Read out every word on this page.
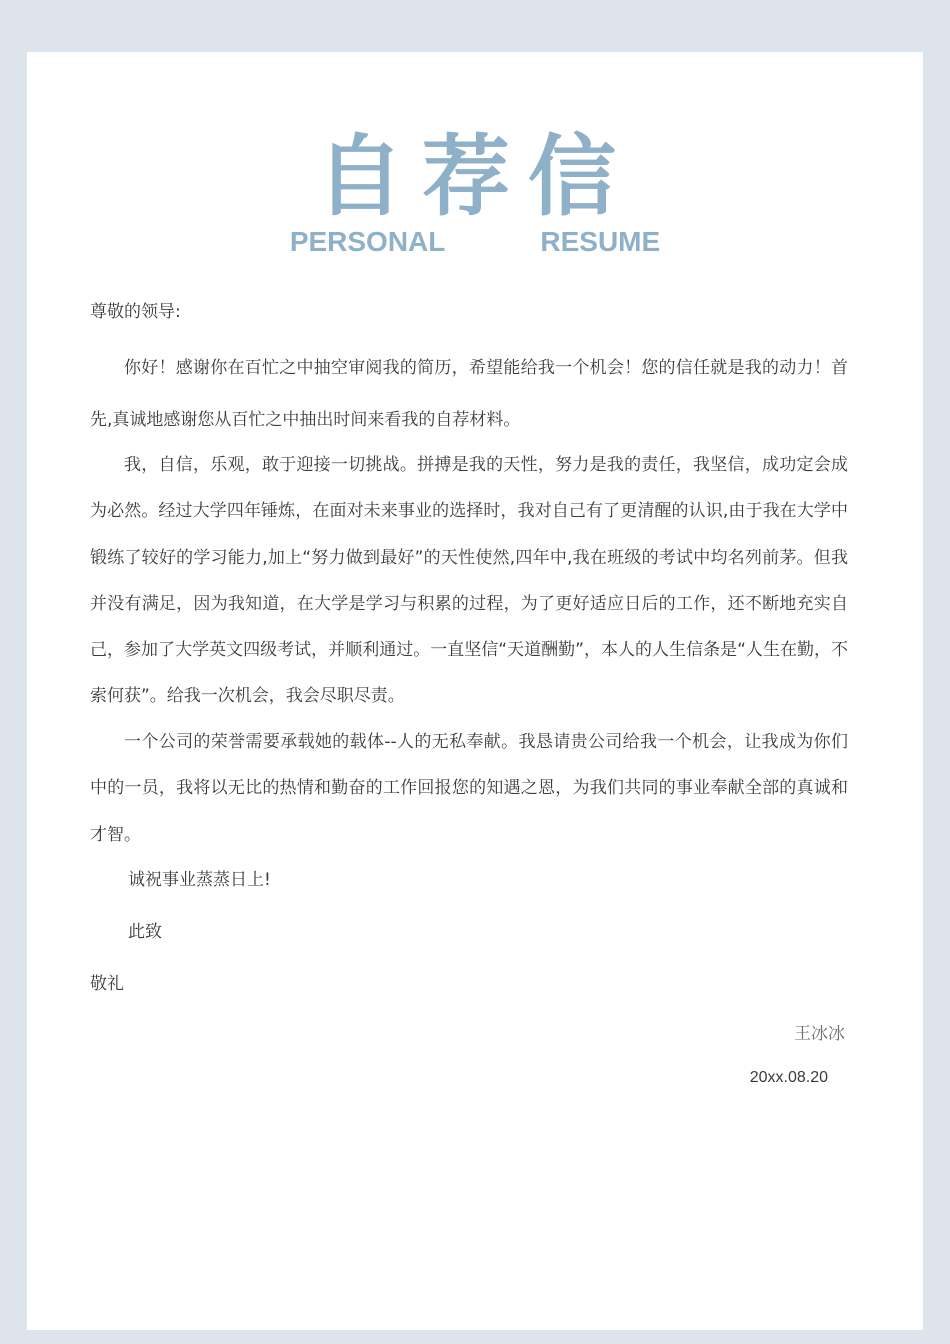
自荐信
PERSONAL	RESUME
尊敬的领导:
你好！感谢你在百忙之中抽空审阅我的简历，希望能给我一个机会！您的信任就是我的动力！首先,真诚地感谢您从百忙之中抽出时间来看我的自荐材料。
我，自信，乐观，敢于迎接一切挑战。拼搏是我的天性，努力是我的责任，我坚信，成功定会成为必然。经过大学四年锤炼，在面对未来事业的选择时，我对自己有了更清醒的认识,由于我在大学中锻练了较好的学习能力,加上“努力做到最好”的天性使然,四年中,我在班级的考试中均名列前茅。但我并没有满足，因为我知道，在大学是学习与积累的过程，为了更好适应日后的工作，还不断地充实自己，参加了大学英文四级考试，并顺利通过。一直坚信“天道酬勤”，本人的人生信条是“人生在勤，不索何获”。给我一次机会，我会尽职尽责。
一个公司的荣誉需要承载她的载体--人的无私奉献。我恳请贵公司给我一个机会，让我成为你们中的一员，我将以无比的热情和勤奋的工作回报您的知遇之恩，为我们共同的事业奉献全部的真诚和才智。
诚祝事业蒸蒸日上!
此致
敬礼
王冰冰
20xx.08.20
